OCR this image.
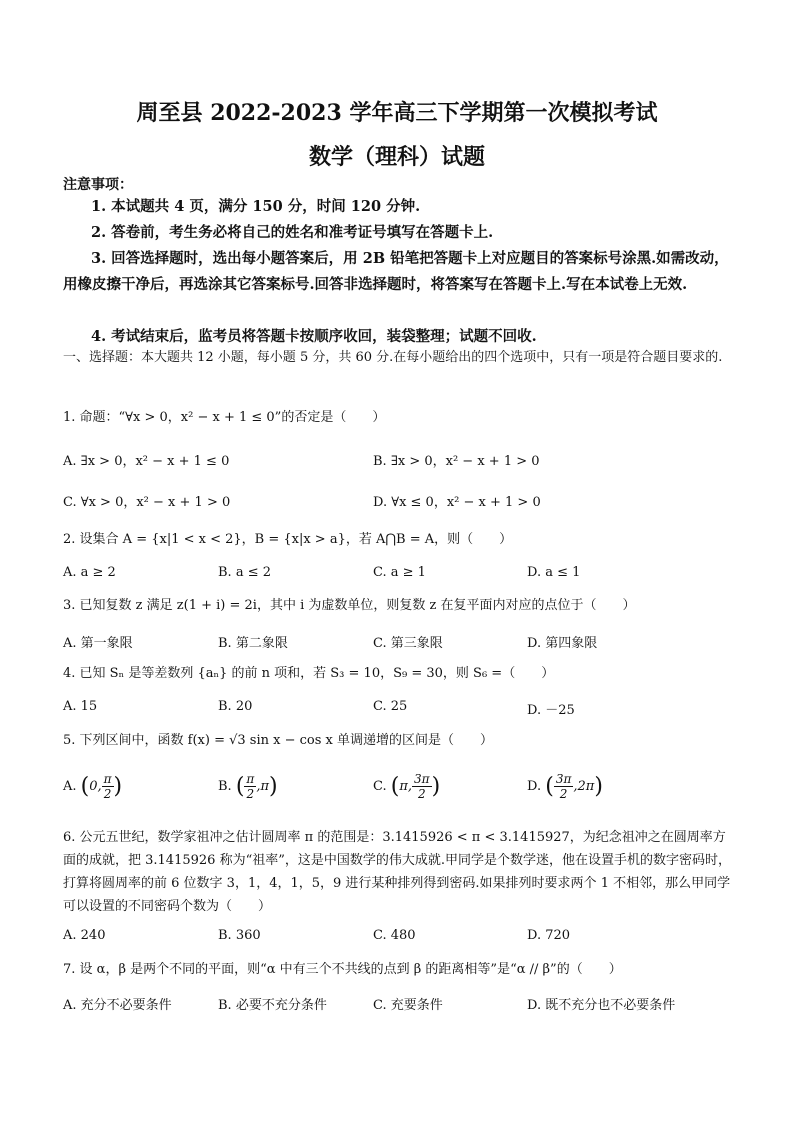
周至县 2022-2023 学年高三下学期第一次模拟考试
数学（理科）试题
注意事项：
1. 本试题共 4 页，满分 150 分，时间 120 分钟.
2. 答卷前，考生务必将自己的姓名和准考证号填写在答题卡上.
3. 回答选择题时，选出每小题答案后，用 2B 铅笔把答题卡上对应题目的答案标号涂黑.如需改动，用橡皮擦干净后，再选涂其它答案标号.回答非选择题时，将答案写在答题卡上.写在本试卷上无效.
4. 考试结束后，监考员将答题卡按顺序收回，装袋整理；试题不回收.
一、选择题：本大题共 12 小题，每小题 5 分，共 60 分.在每小题给出的四个选项中，只有一项是符合题目要求的.
1. 命题：“∀x > 0，x² − x + 1 ≤ 0”的否定是（　　）
A. ∃x > 0，x² − x + 1 ≤ 0	B. ∃x > 0，x² − x + 1 > 0
C. ∀x > 0，x² − x + 1 > 0	D. ∀x ≤ 0，x² − x + 1 > 0
2. 设集合 A = {x|1 < x < 2}，B = {x|x > a}，若 A⋂B = A，则（　　）
A. a ≥ 2	B. a ≤ 2	C. a ≥ 1	D. a ≤ 1
3. 已知复数 z 满足 z(1 + i) = 2i，其中 i 为虚数单位，则复数 z 在复平面内对应的点位于（　　）
A. 第一象限	B. 第二象限	C. 第三象限	D. 第四象限
4. 已知 Sₙ 是等差数列 {aₙ} 的前 n 项和，若 S₃ = 10，S₉ = 30，则 S₆ =（　　）
A. 15	B. 20	C. 25	D. －25
5. 下列区间中，函数 f(x) = √3 sin x − cos x 单调递增的区间是（　　）
A. (0, $\frac{\pi}{2}$ )	B. ( $\frac{\pi}{2} ,\pi$)	C. (π, $\frac{3\pi}{2}$ )	D. ( $\frac{3\pi}{2} ,2\pi$)
6. 公元五世纪，数学家祖冲之估计圆周率 π 的范围是：3.1415926 < π < 3.1415927，为纪念祖冲之在圆周率方面的成就，把 3.1415926 称为“祖率”，这是中国数学的伟大成就.甲同学是个数学迷，他在设置手机的数字密码时，打算将圆周率的前 6 位数字 3，1，4，1，5，9 进行某种排列得到密码.如果排列时要求两个 1 不相邻，那么甲同学可以设置的不同密码个数为（　　）
A. 240	B. 360	C. 480	D. 720
7. 设 α，β 是两个不同的平面，则“α 中有三个不共线的点到 β 的距离相等”是“α // β”的（　　）
A. 充分不必要条件	B. 必要不充分条件	C. 充要条件	D. 既不充分也不必要条件
